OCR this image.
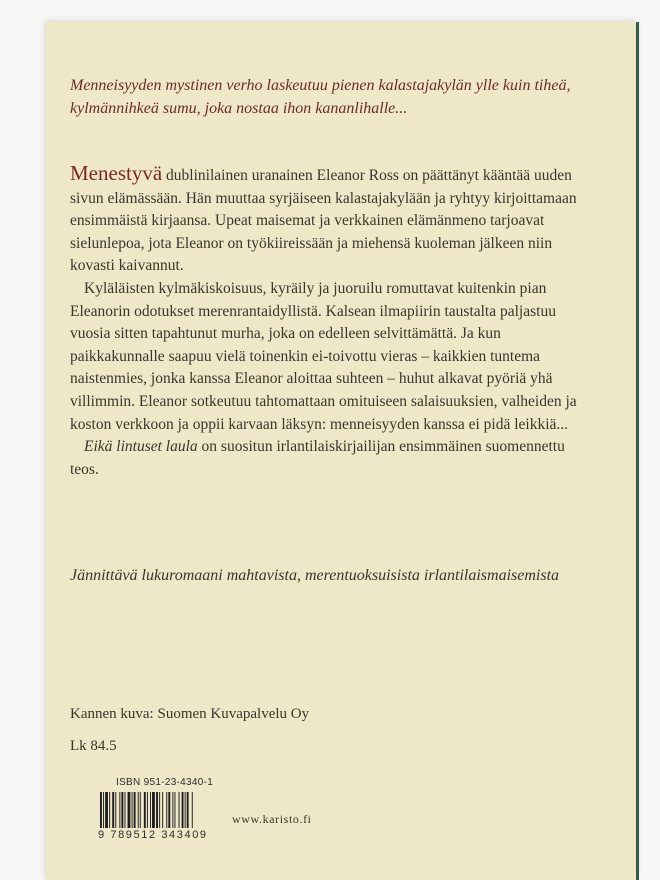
Menneisyyden mystinen verho laskeutuu pienen kalastajakylän ylle kuin tiheä, kylmännihkeä sumu, joka nostaa ihon kananlihalle...

Menestyvä dublinilainen uranainen Eleanor Ross on päättänyt kääntää uuden sivun elämässään. Hän muuttaa syrjäiseen kalastajakylään ja ryhtyy kirjoittamaan ensimmäistä kirjaansa. Upeat maisemat ja verkkainen elämänmeno tarjoavat sielunlepoa, jota Eleanor on työkiireissään ja miehensä kuoleman jälkeen niin kovasti kaivannut.

Kyläläisten kylmäkiskoisuus, kyräily ja juoruilu romuttavat kuitenkin pian Eleanorin odotukset merenrantaidyllistä. Kalsean ilmapiirin taustalta paljastuu vuosia sitten tapahtunut murha, joka on edelleen selvittämättä. Ja kun paikkakunnalle saapuu vielä toinenkin ei-toivottu vieras – kaikkien tuntema naistenmies, jonka kanssa Eleanor aloittaa suhteen – huhut alkavat pyöriä yhä villimmin. Eleanor sotkeutuu tahtomattaan omituiseen salaisuuksien, valheiden ja koston verkkoon ja oppii karvaan läksyn: menneisyyden kanssa ei pidä leikkiä...

Eikä lintuset laula on suositun irlantilaiskirjailijan ensimmäinen suomennettu teos.

Jännittävä lukuromaani mahtavista, merentuoksuisista irlantilaismaisemista
Kannen kuva: Suomen Kuvapalvelu Oy
Lk 84.5
ISBN 951-23-4340-1
9 789512 343409
www.karisto.fi
